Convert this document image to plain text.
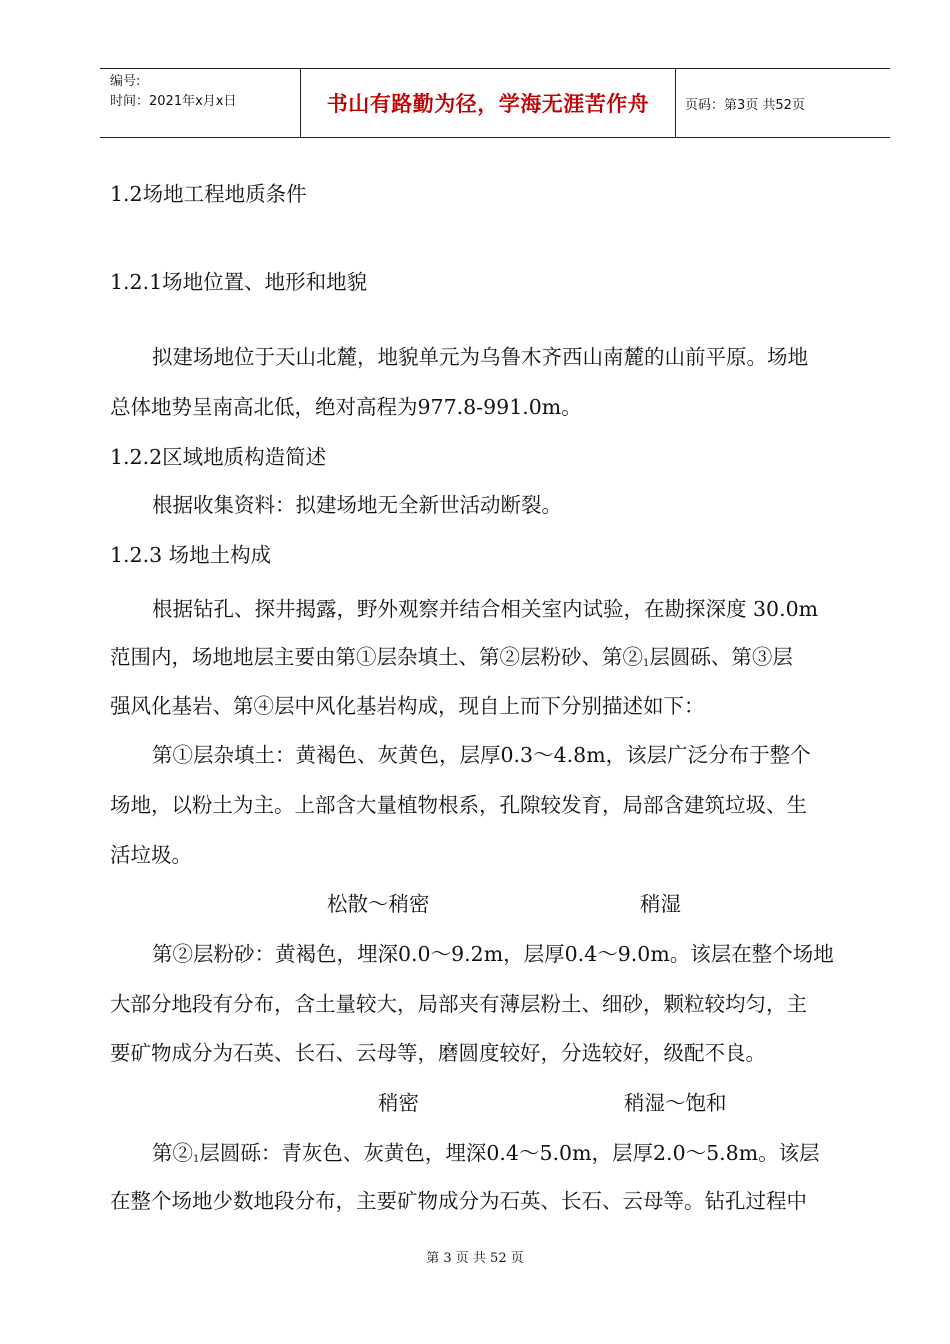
编号:
时间：2021年x月x日	书山有路勤为径，学海无涯苦作舟	页码：第3页 共52页
1.2场地工程地质条件
1.2.1场地位置、地形和地貌
拟建场地位于天山北麓，地貌单元为乌鲁木齐西山南麓的山前平原。场地
总体地势呈南高北低，绝对高程为977.8-991.0m。
1.2.2区域地质构造简述
根据收集资料：拟建场地无全新世活动断裂。
1.2.3 场地土构成
根据钻孔、探井揭露，野外观察并结合相关室内试验，在勘探深度 30.0m
范围内，场地地层主要由第①层杂填土、第②层粉砂、第$②_1$层圆砾、第③层
强风化基岩、第④层中风化基岩构成，现自上而下分别描述如下：
第①层杂填土：黄褐色、灰黄色，层厚0.3～4.8m，该层广泛分布于整个
场地，以粉土为主。上部含大量植物根系，孔隙较发育，局部含建筑垃圾、生
活垃圾。
松散～稍密	稍湿
第②层粉砂：黄褐色，埋深0.0～9.2m，层厚0.4～9.0m。该层在整个场地
大部分地段有分布，含土量较大，局部夹有薄层粉土、细砂，颗粒较均匀，主
要矿物成分为石英、长石、云母等，磨圆度较好，分选较好，级配不良。
稍密	稍湿～饱和
第$②_1$层圆砾：青灰色、灰黄色，埋深0.4～5.0m，层厚2.0～5.8m。该层
在整个场地少数地段分布，主要矿物成分为石英、长石、云母等。钻孔过程中
第 3 页 共 52 页
